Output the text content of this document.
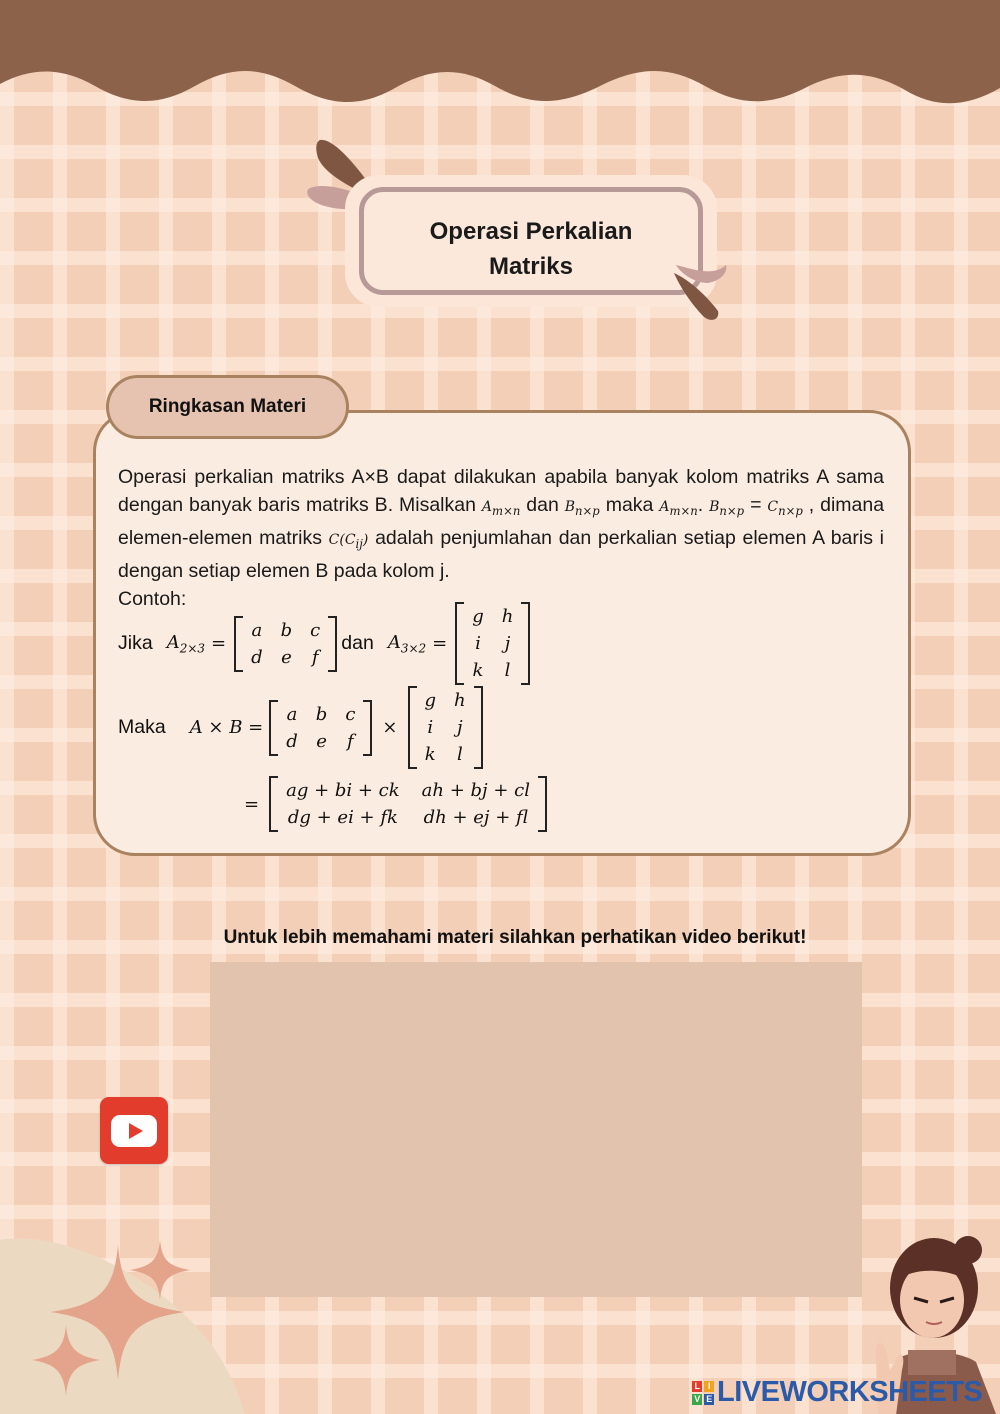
Operasi Perkalian
Matriks
Ringkasan Materi
Operasi perkalian matriks A×B dapat dilakukan apabila banyak kolom matriks A sama dengan banyak baris matriks B. Misalkan $A_{m\times n}$ dan $B_{n\times p}$ maka $A_{m\times n}$. $B_{n\times p} = C_{n\times p}$ , dimana elemen-elemen matriks $C(C_{ij})$ adalah penjumlahan dan perkalian setiap elemen A baris i dengan setiap elemen B pada kolom j.
Contoh:
Jika $A_{2\times 3}$ =
a b c
d e f
dan $A_{3\times 2}$ =
g h
i j
k l
Maka A × B =
a b c
d e f
×
g h
i j
k l
=
ag + bi + ck ah + bj + cl
dg + ei + fk dh + ej + fl
Untuk lebih memahami materi silahkan perhatikan video berikut!
L I
V E LIVEWORKSHEETS
